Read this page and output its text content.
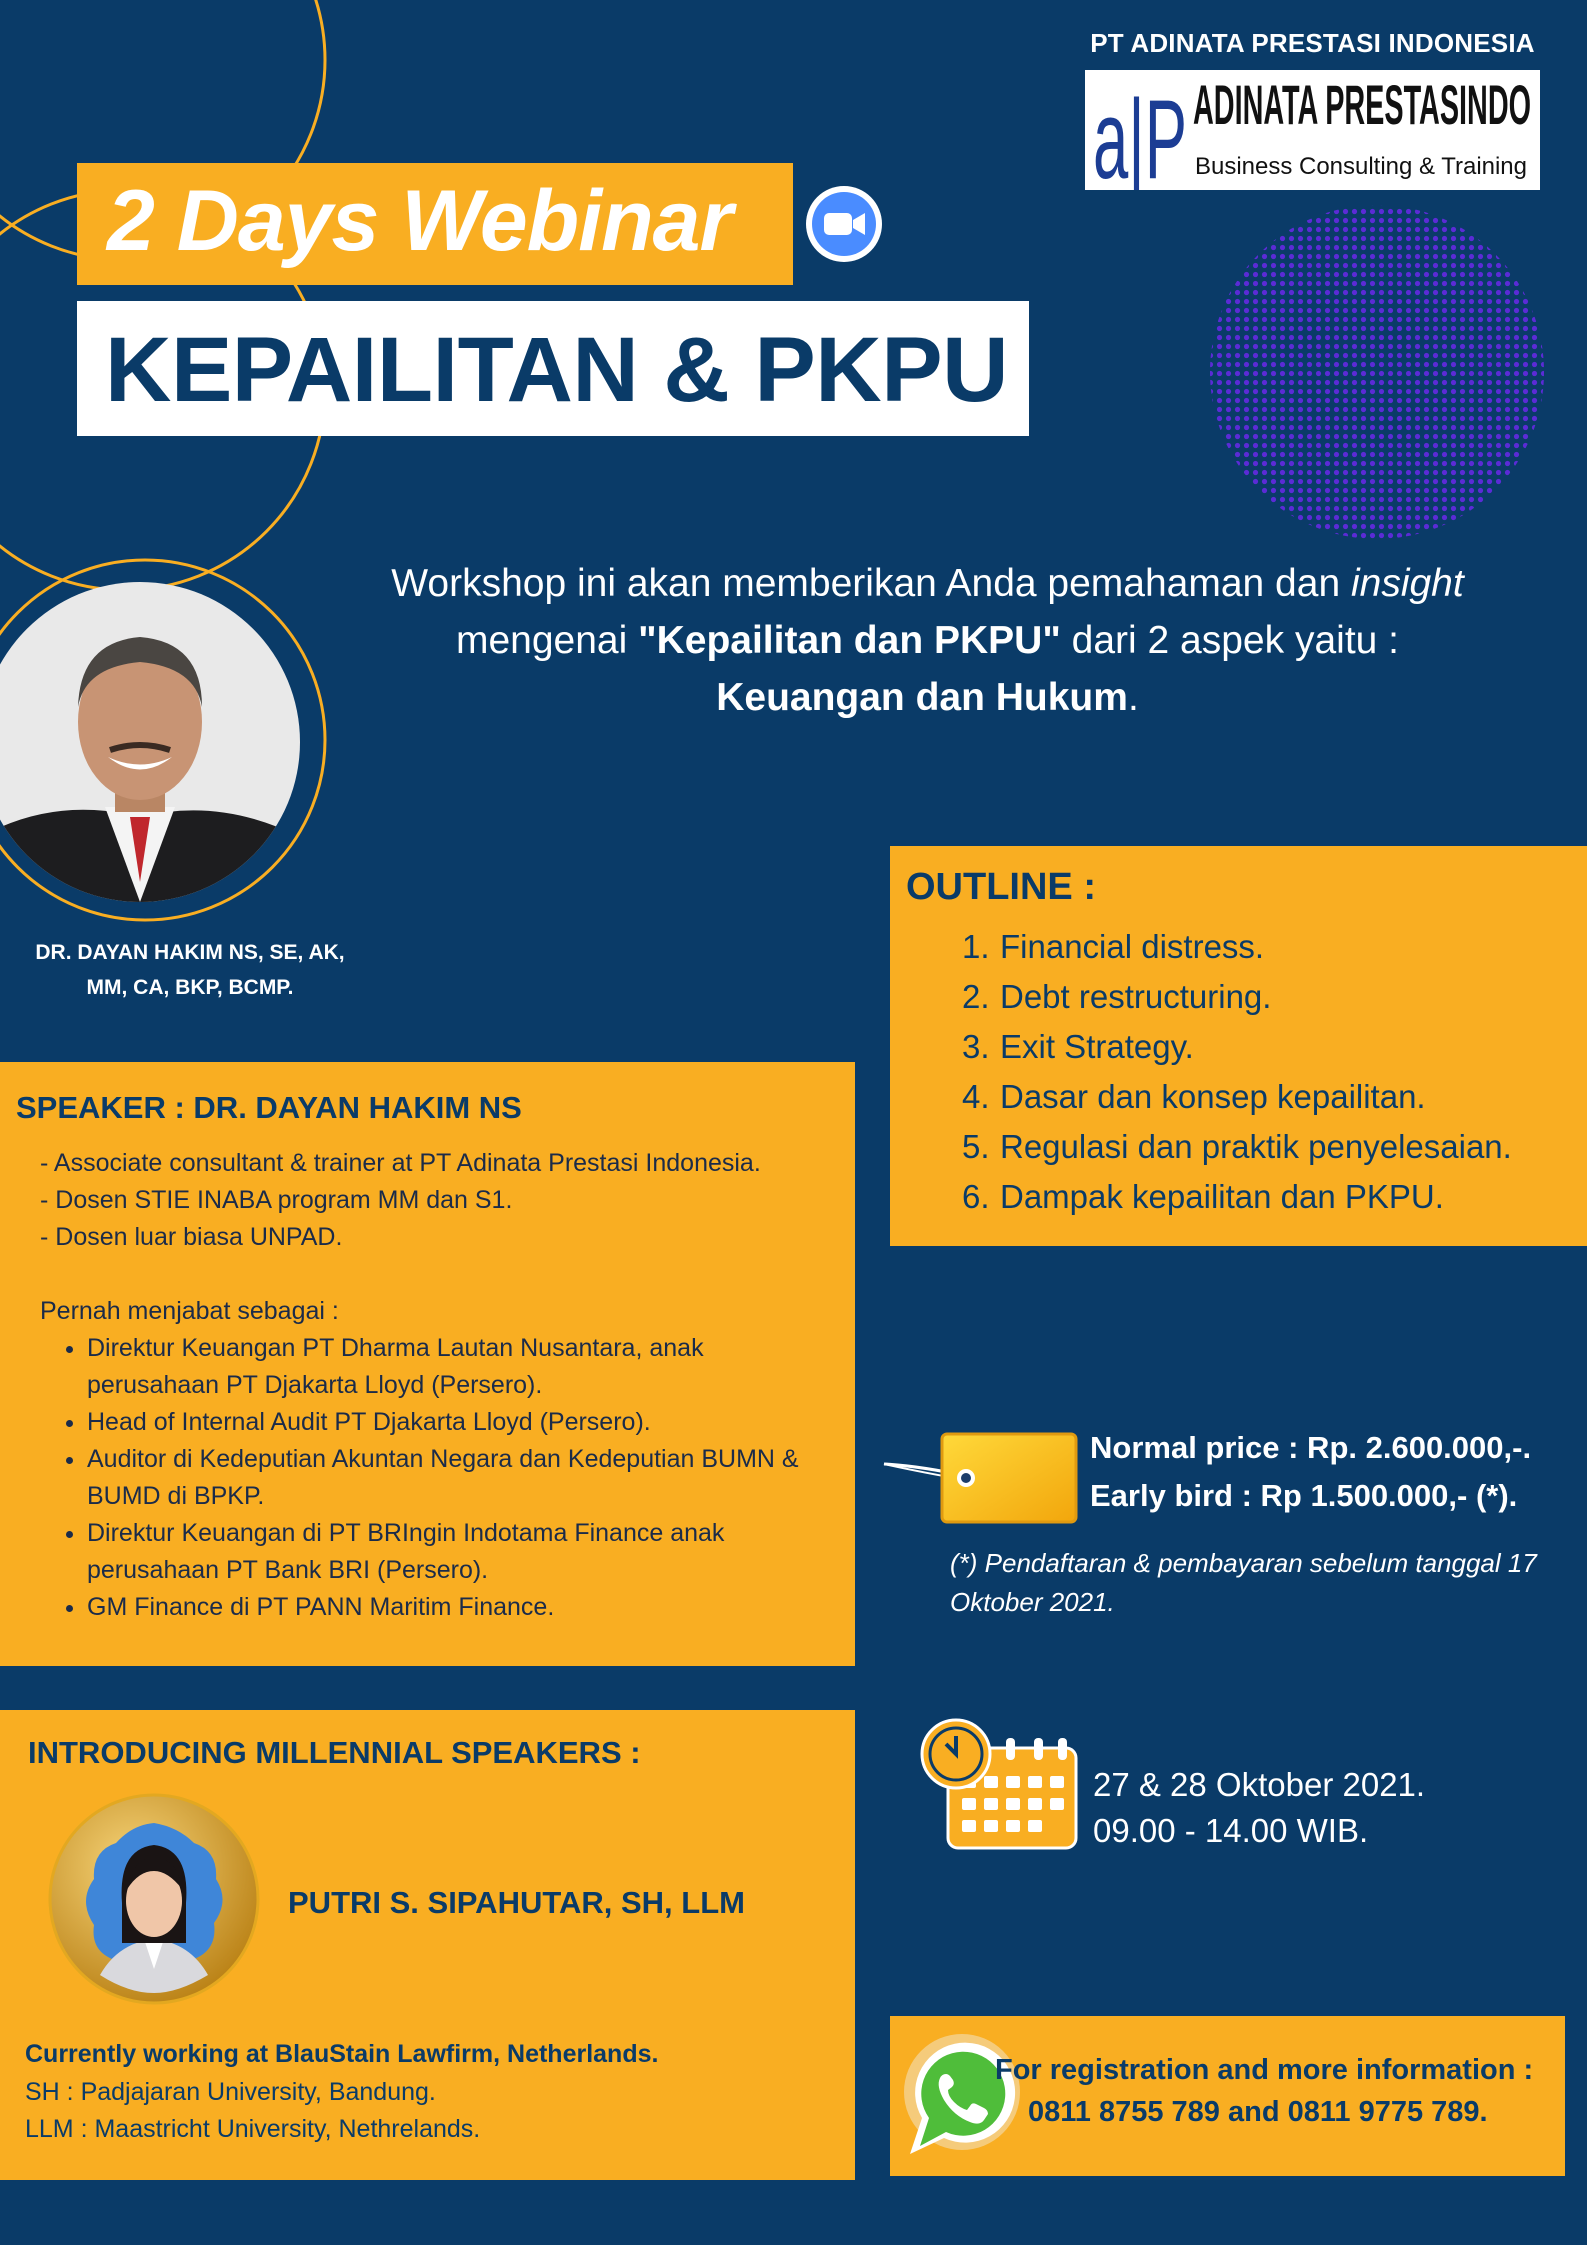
PT ADINATA PRESTASI INDONESIA
a|P ADINATA PRESTASINDO
Business Consulting & Training
2 Days Webinar
KEPAILITAN & PKPU
Workshop ini akan memberikan Anda pemahaman dan insight
mengenai "Kepailitan dan PKPU" dari 2 aspek yaitu :
Keuangan dan Hukum.
DR. DAYAN HAKIM NS, SE, AK,
MM, CA, BKP, BCMP.
SPEAKER : DR. DAYAN HAKIM NS

- Associate consultant & trainer at PT Adinata Prestasi Indonesia.

- Dosen STIE INABA program MM dan S1.

- Dosen luar biasa UNPAD.

Pernah menjabat sebagai :

• Direktur Keuangan PT Dharma Lautan Nusantara, anak perusahaan PT Djakarta Lloyd (Persero).
• Head of Internal Audit PT Djakarta Lloyd (Persero).
• Auditor di Kedeputian Akuntan Negara dan Kedeputian BUMN & BUMD di BPKP.
• Direktur Keuangan di PT BRIngin Indotama Finance anak perusahaan PT Bank BRI (Persero).
• GM Finance di PT PANN Maritim Finance.
OUTLINE :
1. Financial distress.
2. Debt restructuring.
3. Exit Strategy.
4. Dasar dan konsep kepailitan.
5. Regulasi dan praktik penyelesaian.
6. Dampak kepailitan dan PKPU.
Normal price : Rp. 2.600.000,-.
Early bird : Rp 1.500.000,- (*).
(*) Pendaftaran & pembayaran sebelum tanggal 17 Oktober 2021.
27 & 28 Oktober 2021.
09.00 - 14.00 WIB.
INTRODUCING MILLENNIAL SPEAKERS :
PUTRI S. SIPAHUTAR, SH, LLM
Currently working at BlauStain Lawfirm, Netherlands.
SH : Padjajaran University, Bandung.
LLM : Maastricht University, Nethrelands.
For registration and more information :
0811 8755 789 and 0811 9775 789.
